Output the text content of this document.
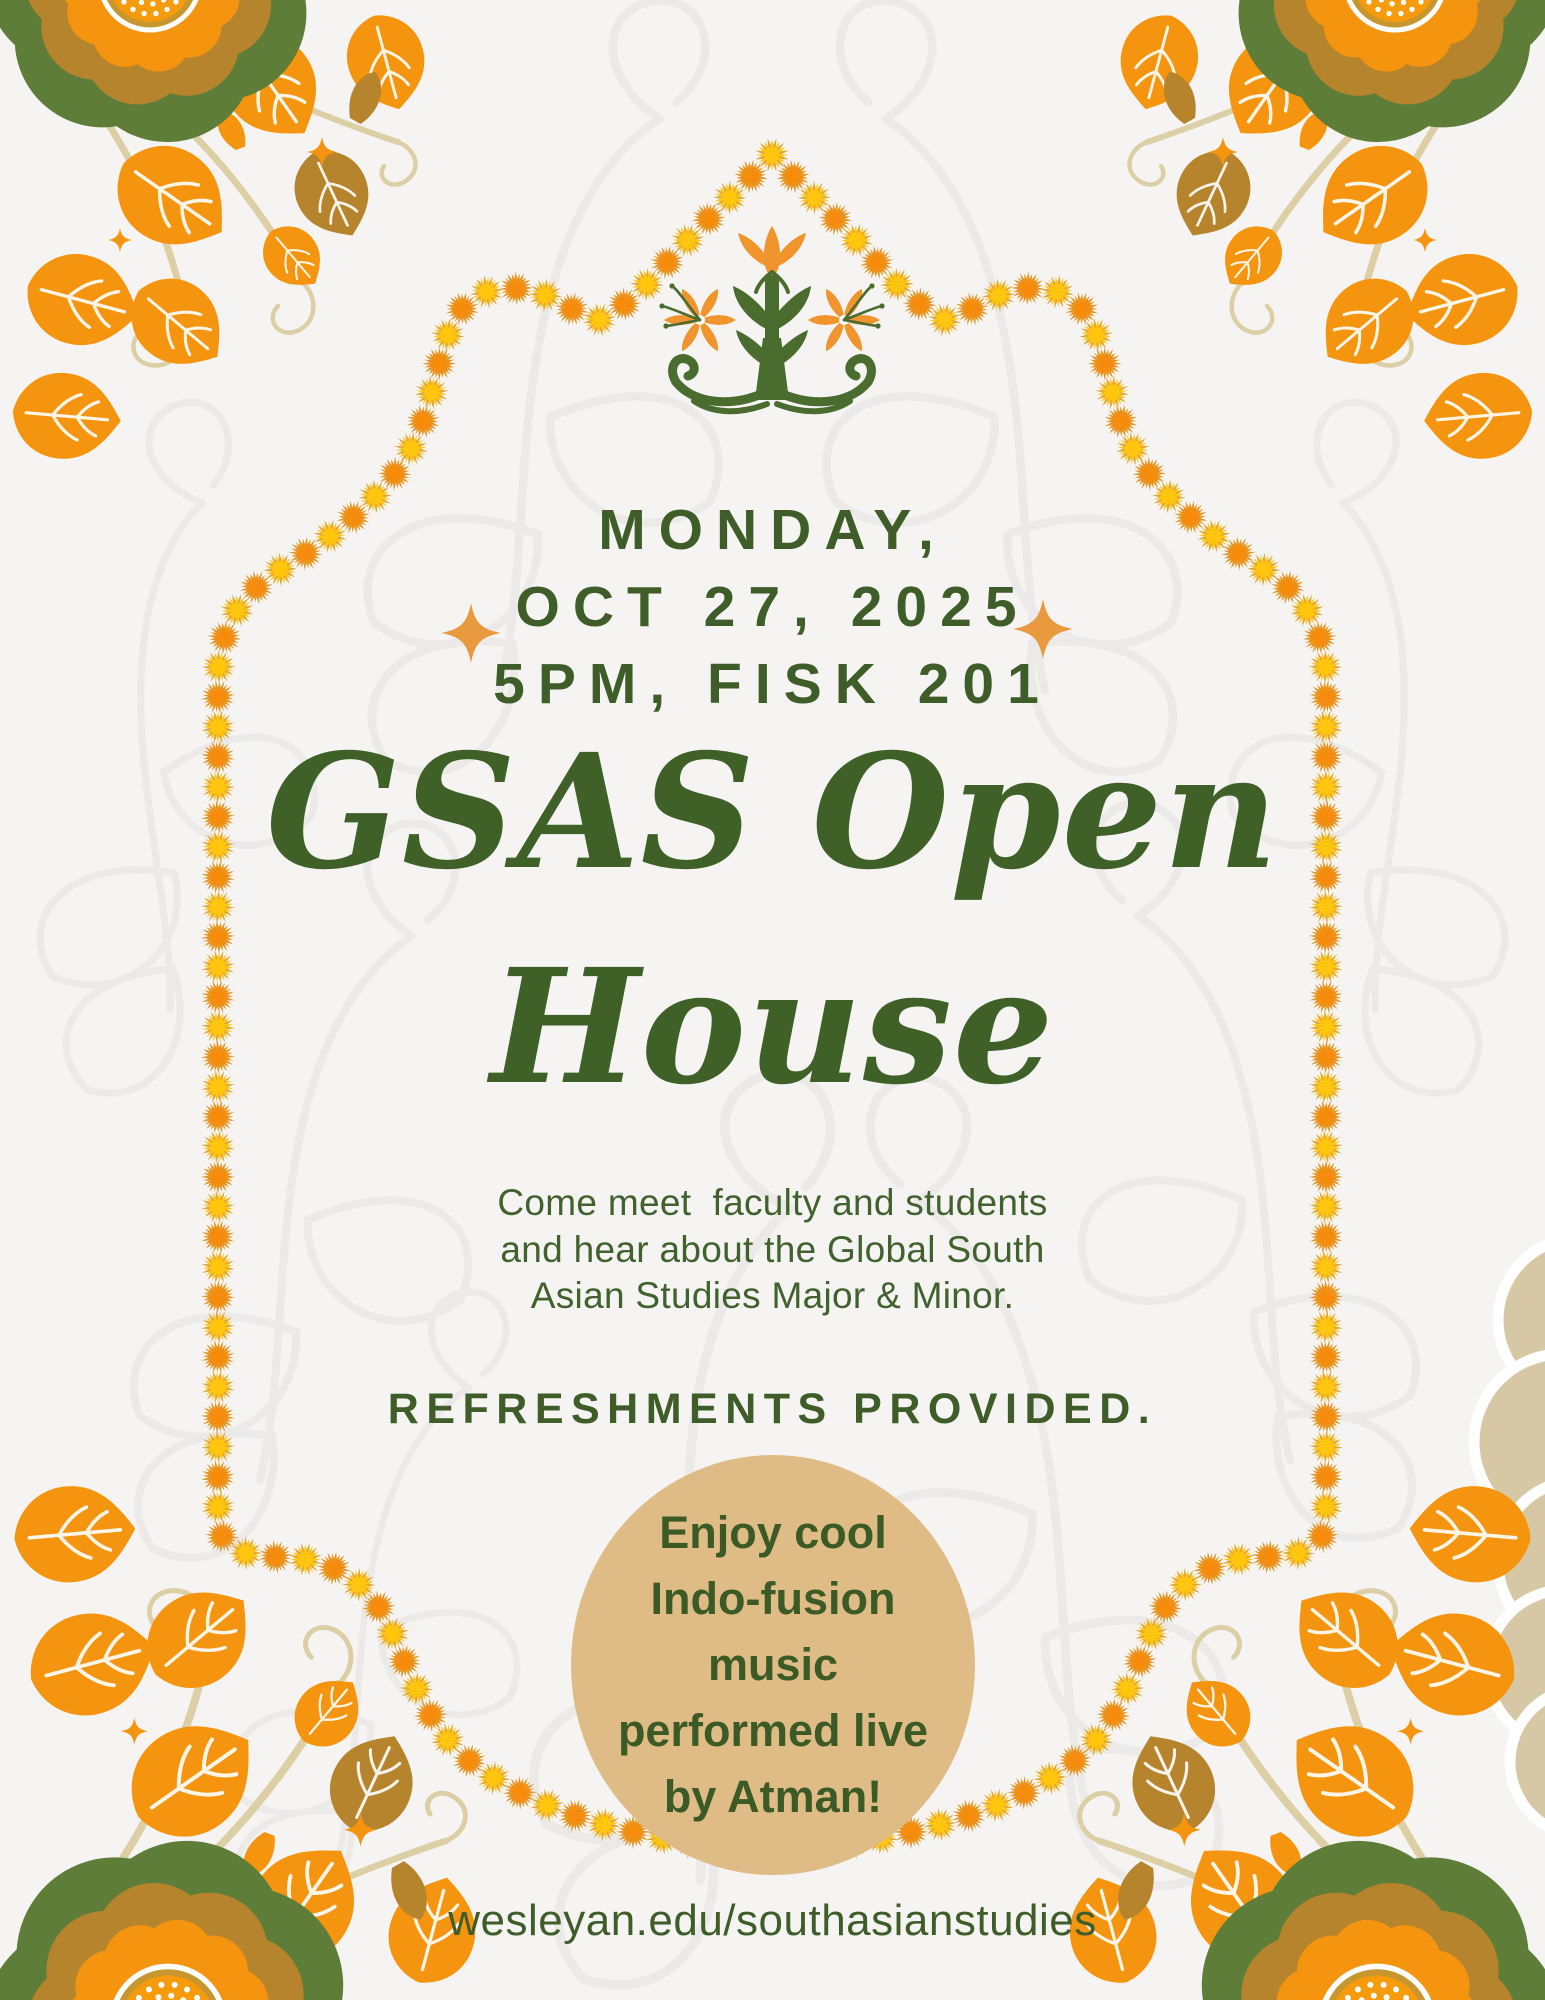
MONDAY,
OCT 27, 2025
5PM, FISK 201
GSAS Open
House
Come meet  faculty and students
and hear about the Global South
Asian Studies Major & Minor.
REFRESHMENTS PROVIDED.
Enjoy cool
Indo-fusion
music
performed live
by Atman!
wesleyan.edu/southasianstudies
